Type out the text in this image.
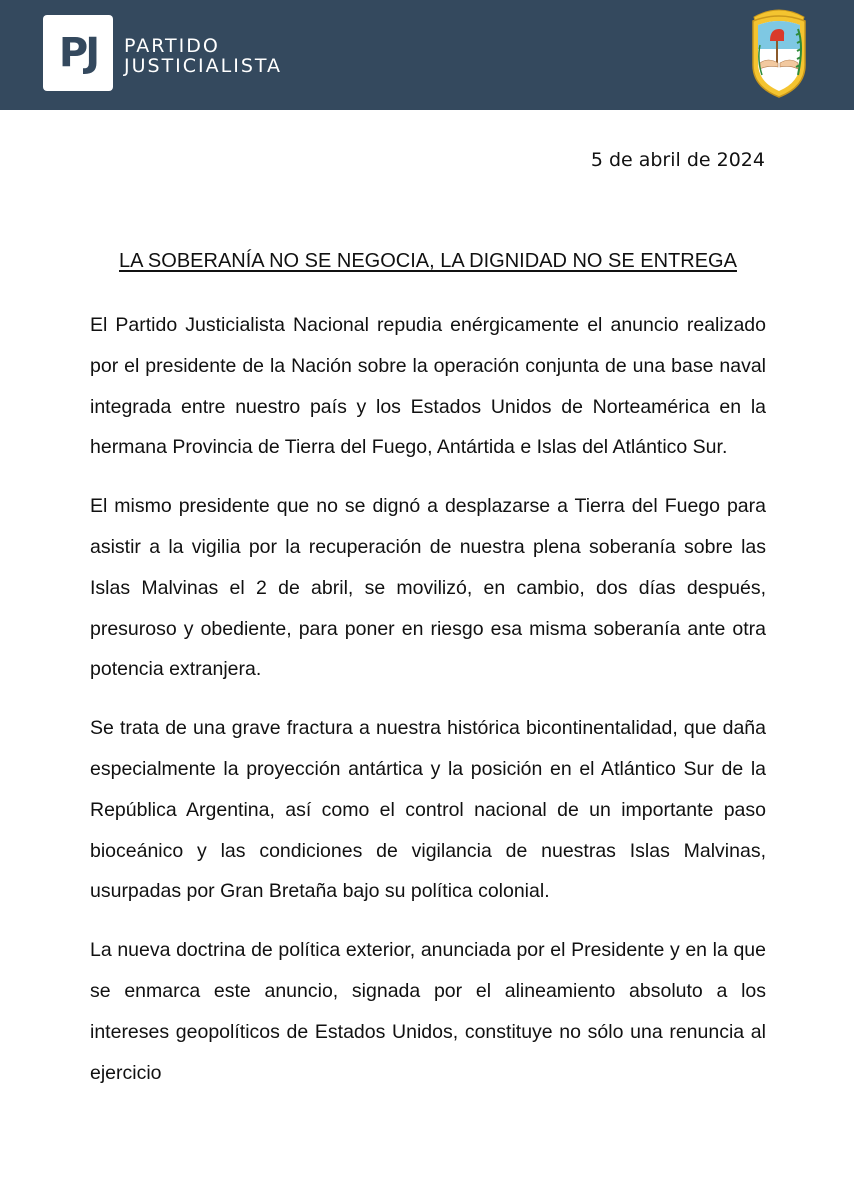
PJ	PARTIDO
JUSTICIALISTA
5 de abril de 2024
LA SOBERANÍA NO SE NEGOCIA, LA DIGNIDAD NO SE ENTREGA

El Partido Justicialista Nacional repudia enérgicamente el anuncio realizado por el presidente de la Nación sobre la operación conjunta de una base naval integrada entre nuestro país y los Estados Unidos de Norteamérica en la hermana Provincia de Tierra del Fuego, Antártida e Islas del Atlántico Sur.

El mismo presidente que no se dignó a desplazarse a Tierra del Fuego para asistir a la vigilia por la recuperación de nuestra plena soberanía sobre las Islas Malvinas el 2 de abril, se movilizó, en cambio, dos días después, presuroso y obediente, para poner en riesgo esa misma soberanía ante otra potencia extranjera.

Se trata de una grave fractura a nuestra histórica bicontinentalidad, que daña especialmente la proyección antártica y la posición en el Atlántico Sur de la República Argentina, así como el control nacional de un importante paso bioceánico y las condiciones de vigilancia de nuestras Islas Malvinas, usurpadas por Gran Bretaña bajo su política colonial.

La nueva doctrina de política exterior, anunciada por el Presidente y en la que se enmarca este anuncio, signada por el alineamiento absoluto a los intereses geopolíticos de Estados Unidos, constituye no sólo una renuncia al ejercicio
